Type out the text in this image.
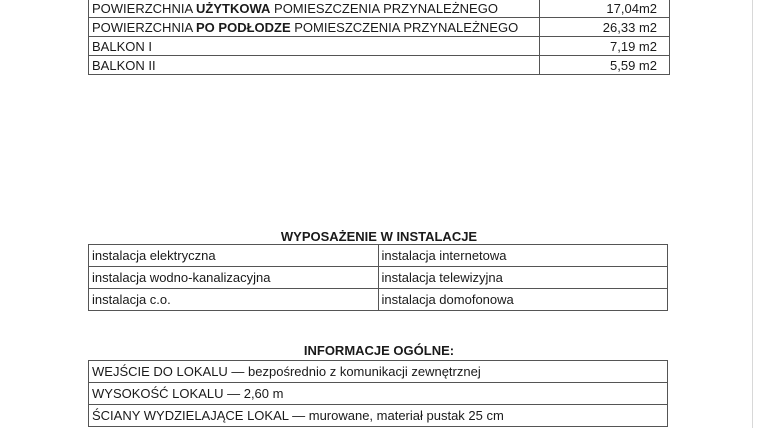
POWIERZCHNIA UŻYTKOWA POMIESZCZENIA PRZYNALEŻNEGO	17,04m2
POWIERZCHNIA PO PODŁODZE POMIESZCZENIA PRZYNALEŻNEGO	26,33 m2
BALKON I	7,19 m2
BALKON II	5,59 m2
WYPOSAŻENIE W INSTALACJE
instalacja elektryczna	instalacja internetowa
instalacja wodno-kanalizacyjna	instalacja telewizyjna
instalacja c.o.	instalacja domofonowa
INFORMACJE OGÓLNE:
WEJŚCIE DO LOKALU — bezpośrednio z komunikacji zewnętrznej
WYSOKOŚĆ LOKALU — 2,60 m
ŚCIANY WYDZIELAJĄCE LOKAL — murowane, materiał pustak 25 cm
